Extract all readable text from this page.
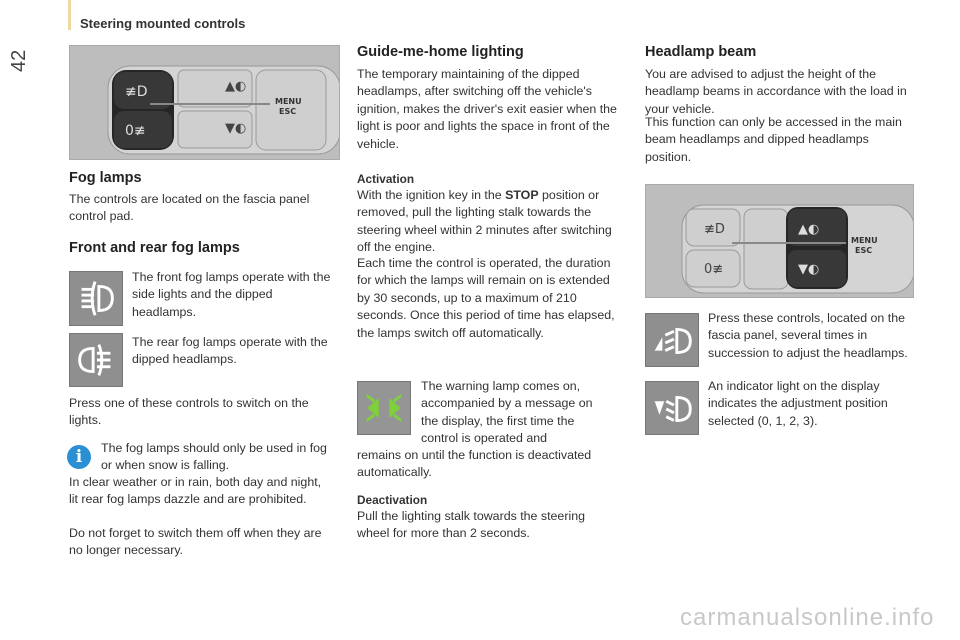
42
Steering mounted controls
≢D
0≢
▲◐
▼◐
MENU
ESC
Fog lamps

The controls are located on the fascia panel control pad.

Front and rear fog lamps

The front fog lamps operate with the side lights and the dipped headlamps.

The rear fog lamps operate with the dipped headlamps.

Press one of these controls to switch on the lights.

i	The fog lamps should only be used in fog or when snow is falling.

In clear weather or in rain, both day and night, lit rear fog lamps dazzle and are prohibited.

Do not forget to switch them off when they are no longer necessary.

Guide-me-home lighting

The temporary maintaining of the dipped headlamps, after switching off the vehicle's ignition, makes the driver's exit easier when the light is poor and lights the space in front of the vehicle.

Activation

With the ignition key in the STOP position or removed, pull the lighting stalk towards the steering wheel within 2 minutes after switching off the engine.

Each time the control is operated, the duration for which the lamps will remain on is extended by 30 seconds, up to a maximum of 210 seconds. Once this period of time has elapsed, the lamps switch off automatically.

The warning lamp comes on, accompanied by a message on the display, the first time the control is operated and

remains on until the function is deactivated automatically.

Deactivation

Pull the lighting stalk towards the steering wheel for more than 2 seconds.

Headlamp beam

You are advised to adjust the height of the headlamp beams in accordance with the load in your vehicle.

This function can only be accessed in the main beam headlamps and dipped headlamps position.

≢D
0≢
▲◐
▼◐
MENU
ESC

Press these controls, located on the fascia panel, several times in succession to adjust the headlamps.

An indicator light on the display indicates the adjustment position selected (0, 1, 2, 3).

carmanualsonline.info
